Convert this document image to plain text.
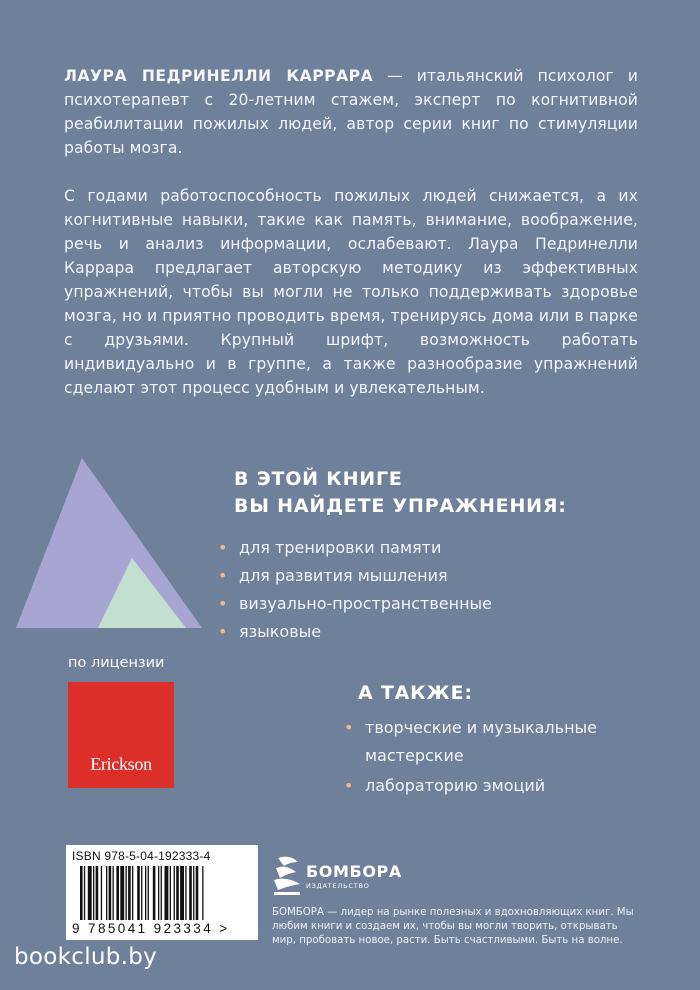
ЛАУРА ПЕДРИНЕЛЛИ КАРРАРА — итальянский психолог и психотерапевт с 20-летним стажем, эксперт по когнитивной реабилитации пожилых людей, автор серии книг по стимуляции работы мозга.
С годами работоспособность пожилых людей снижается, а их когнитивные навыки, такие как память, внимание, воображение, речь и анализ информации, ослабевают. Лаура Педринелли Каррара предлагает авторскую методику из эффективных упражнений, чтобы вы могли не только поддерживать здоровье мозга, но и приятно проводить время, тренируясь дома или в парке с друзьями. Крупный шрифт, возможность работать индивидуально и в группе, а также разнообразие упражнений сделают этот процесс удобным и увлекательным.
В ЭТОЙ КНИГЕ
ВЫ НАЙДЕТЕ УПРАЖНЕНИЯ:
• для тренировки памяти
• для развития мышления
• визуально-пространственные
• языковые
по лицензии
Erickson
А ТАКЖЕ:
• творческие и музыкальные мастерские
• лабораторию эмоций
ISBN 978-5-04-192333-4
9 785041 923334 >
БОМБОРА
ИЗДАТЕЛЬСТВО
БОМБОРА — лидер на рынке полезных и вдохновляющих книг. Мы любим книги и создаем их, чтобы вы могли творить, открывать мир, пробовать новое, расти. Быть счастливыми. Быть на волне.
bookclub.by
